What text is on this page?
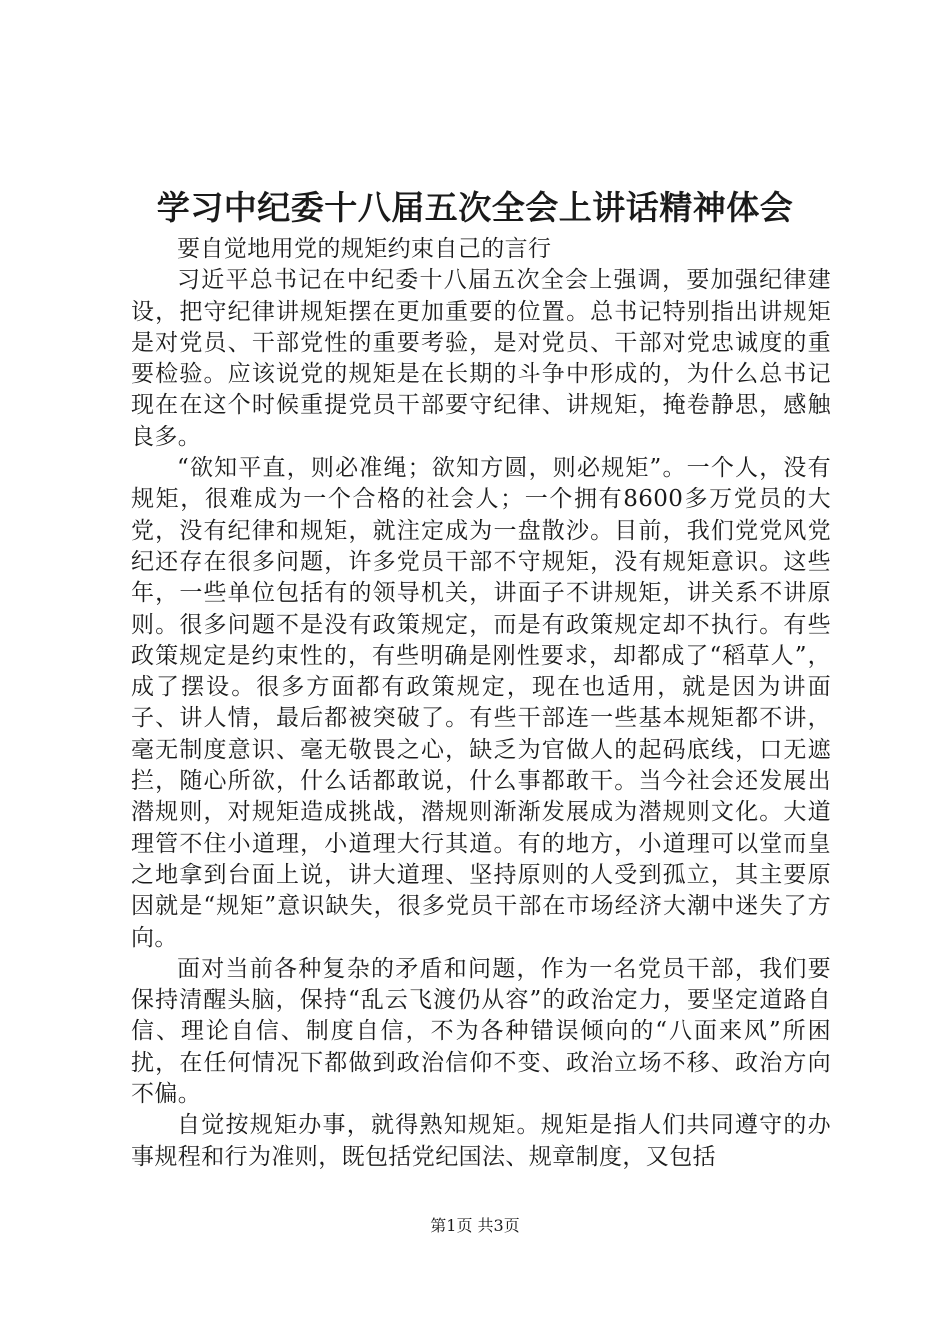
学习中纪委十八届五次全会上讲话精神体会

要自觉地用党的规矩约束自己的言行

习近平总书记在中纪委十八届五次全会上强调，要加强纪律建设，把守纪律讲规矩摆在更加重要的位置。总书记特别指出讲规矩是对党员、干部党性的重要考验，是对党员、干部对党忠诚度的重要检验。应该说党的规矩是在长期的斗争中形成的，为什么总书记现在在这个时候重提党员干部要守纪律、讲规矩，掩卷静思，感触良多。

“欲知平直，则必准绳；欲知方圆，则必规矩”。一个人，没有规矩，很难成为一个合格的社会人；一个拥有8600多万党员的大党，没有纪律和规矩，就注定成为一盘散沙。目前，我们党党风党纪还存在很多问题，许多党员干部不守规矩，没有规矩意识。这些年，一些单位包括有的领导机关，讲面子不讲规矩，讲关系不讲原则。很多问题不是没有政策规定，而是有政策规定却不执行。有些政策规定是约束性的，有些明确是刚性要求，却都成了“稻草人”，成了摆设。很多方面都有政策规定，现在也适用，就是因为讲面子、讲人情，最后都被突破了。有些干部连一些基本规矩都不讲，毫无制度意识、毫无敬畏之心，缺乏为官做人的起码底线，口无遮拦，随心所欲，什么话都敢说，什么事都敢干。当今社会还发展出潜规则，对规矩造成挑战，潜规则渐渐发展成为潜规则文化。大道理管不住小道理，小道理大行其道。有的地方，小道理可以堂而皇之地拿到台面上说，讲大道理、坚持原则的人受到孤立，其主要原因就是“规矩”意识缺失，很多党员干部在市场经济大潮中迷失了方向。

面对当前各种复杂的矛盾和问题，作为一名党员干部，我们要保持清醒头脑，保持“乱云飞渡仍从容”的政治定力，要坚定道路自信、理论自信、制度自信，不为各种错误倾向的“八面来风”所困扰，在任何情况下都做到政治信仰不变、政治立场不移、政治方向不偏。

自觉按规矩办事，就得熟知规矩。规矩是指人们共同遵守的办事规程和行为准则，既包括党纪国法、规章制度，又包括

第1页 共3页
